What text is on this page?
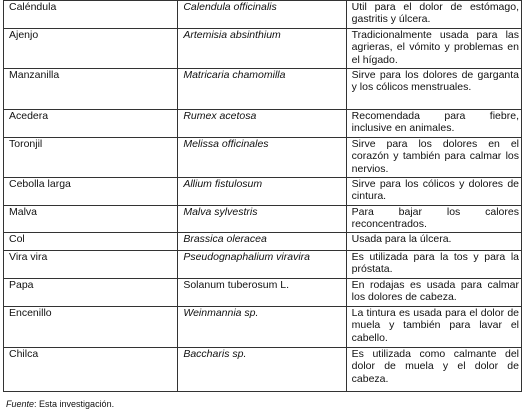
Caléndula	Calendula officinalis	Util para el dolor de estómago, gastritis y úlcera.
Ajenjo	Artemisia absinthium	Tradicionalmente usada para las agrieras, el vómito y problemas en el hígado.
Manzanilla	Matricaria chamomilla	Sirve para los dolores de garganta y los cólicos menstruales.
Acedera	Rumex acetosa	Recomendada para fiebre, inclusive en animales.
Toronjil	Melissa officinales	Sirve para los dolores en el corazón y también para calmar los nervios.
Cebolla larga	Allium fistulosum	Sirve para los cólicos y dolores de cintura.
Malva	Malva sylvestris	Para bajar los calores reconcentrados.
Col	Brassica oleracea	Usada para la úlcera.
Vira vira	Pseudognaphalium viravira	Es utilizada para la tos y para la próstata.
Papa	Solanum tuberosum L.	En rodajas es usada para calmar los dolores de cabeza.
Encenillo	Weinmannia sp.	La tintura es usada para el dolor de muela y también para lavar el cabello.
Chilca	Baccharis sp.	Es utilizada como calmante del dolor de muela y el dolor de cabeza.
Fuente: Esta investigación.
